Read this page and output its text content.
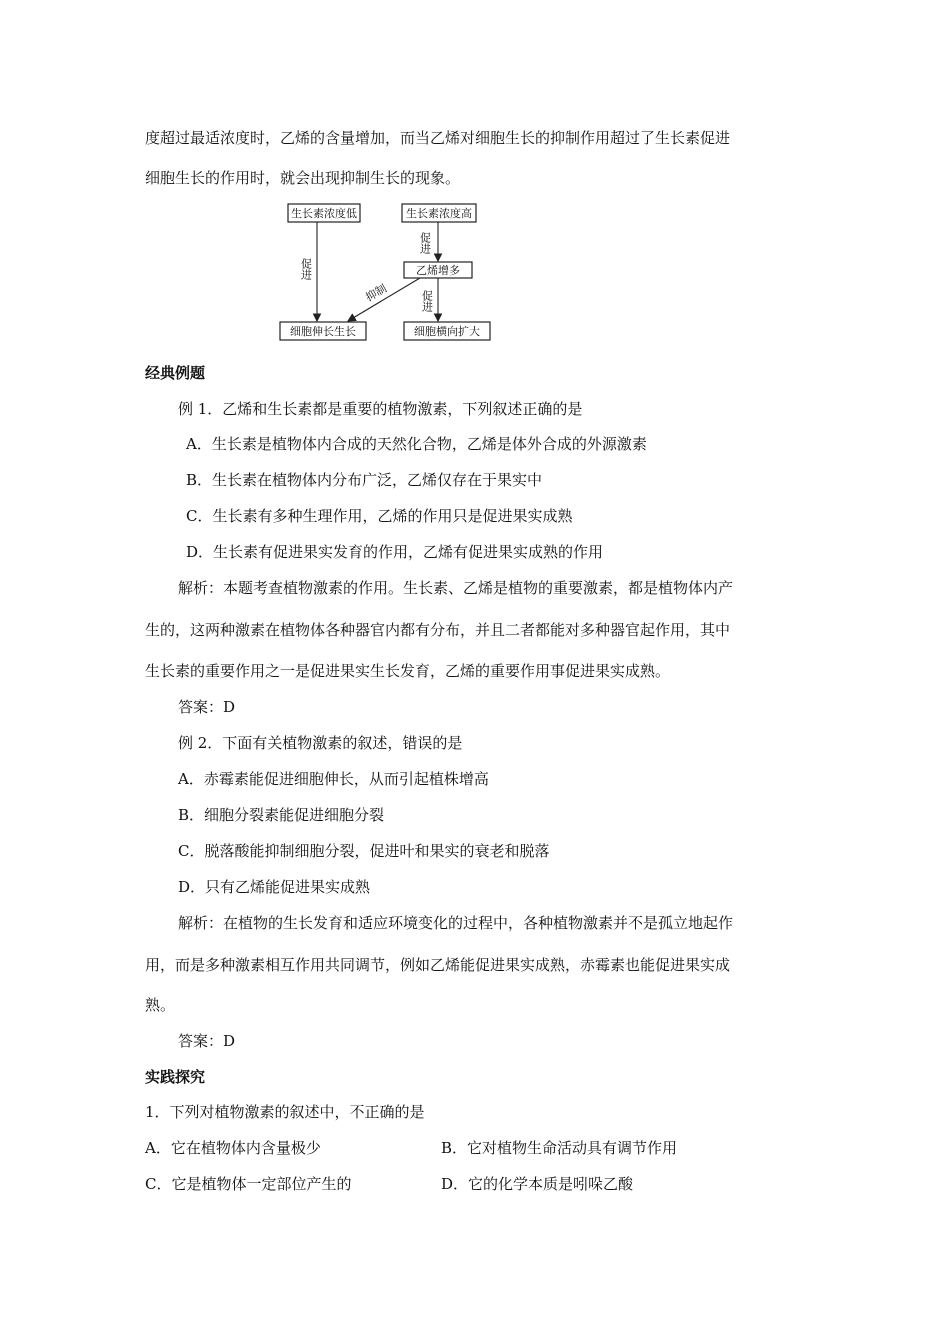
度超过最适浓度时，乙烯的含量增加，而当乙烯对细胞生长的抑制作用超过了生长素促进
细胞生长的作用时，就会出现抑制生长的现象。
生长素浓度低	生长素浓度高
乙烯增多
细胞伸长生长	细胞横向扩大
促进
促进
促进
抑制
经典例题
例 1．乙烯和生长素都是重要的植物激素，下列叙述正确的是
A．生长素是植物体内合成的天然化合物，乙烯是体外合成的外源激素
B．生长素在植物体内分布广泛，乙烯仅存在于果实中
C．生长素有多种生理作用，乙烯的作用只是促进果实成熟
D．生长素有促进果实发育的作用，乙烯有促进果实成熟的作用
解析：本题考查植物激素的作用。生长素、乙烯是植物的重要激素，都是植物体内产
生的，这两种激素在植物体各种器官内都有分布，并且二者都能对多种器官起作用，其中
生长素的重要作用之一是促进果实生长发育，乙烯的重要作用事促进果实成熟。
答案：D
例 2．下面有关植物激素的叙述，错误的是
A．赤霉素能促进细胞伸长，从而引起植株增高
B．细胞分裂素能促进细胞分裂
C．脱落酸能抑制细胞分裂，促进叶和果实的衰老和脱落
D．只有乙烯能促进果实成熟
解析：在植物的生长发育和适应环境变化的过程中，各种植物激素并不是孤立地起作
用，而是多种激素相互作用共同调节，例如乙烯能促进果实成熟，赤霉素也能促进果实成
熟。
答案：D
实践探究
1．下列对植物激素的叙述中，不正确的是
A．它在植物体内含量极少	B．它对植物生命活动具有调节作用
C．它是植物体一定部位产生的	D．它的化学本质是吲哚乙酸
